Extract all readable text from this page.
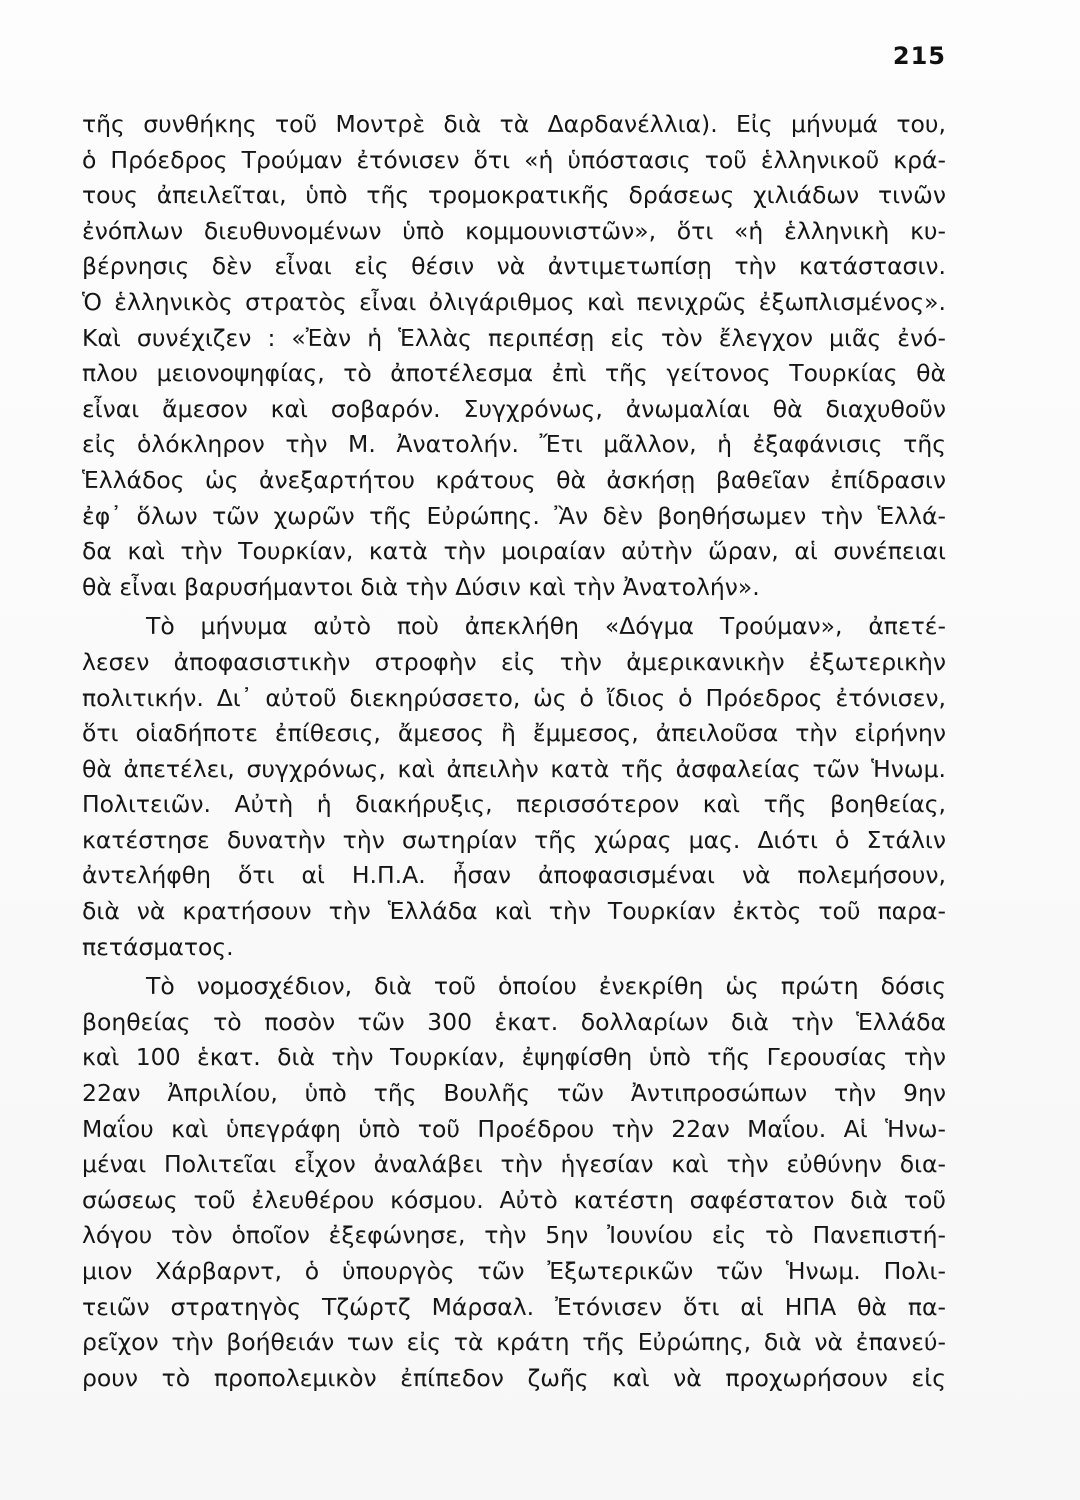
215
τῆς συνθήκης τοῦ Μοντρὲ διὰ τὰ Δαρδανέλλια). Εἰς μήνυμά του,
ὁ Πρόεδρος Τρούμαν ἐτόνισεν ὅτι «ἡ ὑπόστασις τοῦ ἑλληνικοῦ κρά-
τους ἀπειλεῖται, ὑπὸ τῆς τρομοκρατικῆς δράσεως χιλιάδων τινῶν
ἐνόπλων διευθυνομένων ὑπὸ κομμουνιστῶν», ὅτι «ἡ ἑλληνικὴ κυ-
βέρνησις δὲν εἶναι εἰς θέσιν νὰ ἀντιμετωπίσῃ τὴν κατάστασιν.
Ὁ ἑλληνικὸς στρατὸς εἶναι ὀλιγάριθμος καὶ πενιχρῶς ἐξωπλισμένος».
Καὶ συνέχιζεν : «Ἐὰν ἡ Ἑλλὰς περιπέσῃ εἰς τὸν ἔλεγχον μιᾶς ἐνό-
πλου μειονοψηφίας, τὸ ἀποτέλεσμα ἐπὶ τῆς γείτονος Τουρκίας θὰ
εἶναι ἄμεσον καὶ σοβαρόν. Συγχρόνως, ἀνωμαλίαι θὰ διαχυθοῦν
εἰς ὁλόκληρον τὴν Μ. Ἀνατολήν. Ἔτι μᾶλλον, ἡ ἐξαφάνισις τῆς
Ἑλλάδος ὡς ἀνεξαρτήτου κράτους θὰ ἀσκήσῃ βαθεῖαν ἐπίδρασιν
ἐφ᾽ ὅλων τῶν χωρῶν τῆς Εὐρώπης. Ἂν δὲν βοηθήσωμεν τὴν Ἑλλά-
δα καὶ τὴν Τουρκίαν, κατὰ τὴν μοιραίαν αὐτὴν ὥραν, αἱ συνέπειαι
θὰ εἶναι βαρυσήμαντοι διὰ τὴν Δύσιν καὶ τὴν Ἀνατολήν».
Τὸ μήνυμα αὐτὸ ποὺ ἀπεκλήθη «Δόγμα Τρούμαν», ἀπετέ-
λεσεν ἀποφασιστικὴν στροφὴν εἰς τὴν ἀμερικανικὴν ἐξωτερικὴν
πολιτικήν. Δι᾽ αὐτοῦ διεκηρύσσετο, ὡς ὁ ἴδιος ὁ Πρόεδρος ἐτόνισεν,
ὅτι οἱαδήποτε ἐπίθεσις, ἄμεσος ἢ ἔμμεσος, ἀπειλοῦσα τὴν εἰρήνην
θὰ ἀπετέλει, συγχρόνως, καὶ ἀπειλὴν κατὰ τῆς ἀσφαλείας τῶν Ἡνωμ.
Πολιτειῶν. Αὐτὴ ἡ διακήρυξις, περισσότερον καὶ τῆς βοηθείας,
κατέστησε δυνατὴν τὴν σωτηρίαν τῆς χώρας μας. Διότι ὁ Στάλιν
ἀντελήφθη ὅτι αἱ Η.Π.Α. ἦσαν ἀποφασισμέναι νὰ πολεμήσουν,
διὰ νὰ κρατήσουν τὴν Ἑλλάδα καὶ τὴν Τουρκίαν ἐκτὸς τοῦ παρα-
πετάσματος.
Τὸ νομοσχέδιον, διὰ τοῦ ὁποίου ἐνεκρίθη ὡς πρώτη δόσις
βοηθείας τὸ ποσὸν τῶν 300 ἑκατ. δολλαρίων διὰ τὴν Ἑλλάδα
καὶ 100 ἑκατ. διὰ τὴν Τουρκίαν, ἐψηφίσθη ὑπὸ τῆς Γερουσίας τὴν
22αν Ἀπριλίου, ὑπὸ τῆς Βουλῆς τῶν Ἀντιπροσώπων τὴν 9ην
Μαΐου καὶ ὑπεγράφη ὑπὸ τοῦ Προέδρου τὴν 22αν Μαΐου. Αἱ Ἡνω-
μέναι Πολιτεῖαι εἶχον ἀναλάβει τὴν ἡγεσίαν καὶ τὴν εὐθύνην δια-
σώσεως τοῦ ἐλευθέρου κόσμου. Αὐτὸ κατέστη σαφέστατον διὰ τοῦ
λόγου τὸν ὁποῖον ἐξεφώνησε, τὴν 5ην Ἰουνίου εἰς τὸ Πανεπιστή-
μιον Χάρβαρντ, ὁ ὑπουργὸς τῶν Ἐξωτερικῶν τῶν Ἡνωμ. Πολι-
τειῶν στρατηγὸς Τζώρτζ Μάρσαλ. Ἐτόνισεν ὅτι αἱ ΗΠΑ θὰ πα-
ρεῖχον τὴν βοήθειάν των εἰς τὰ κράτη τῆς Εὐρώπης, διὰ νὰ ἐπανεύ-
ρουν τὸ προπολεμικὸν ἐπίπεδον ζωῆς καὶ νὰ προχωρήσουν εἰς
